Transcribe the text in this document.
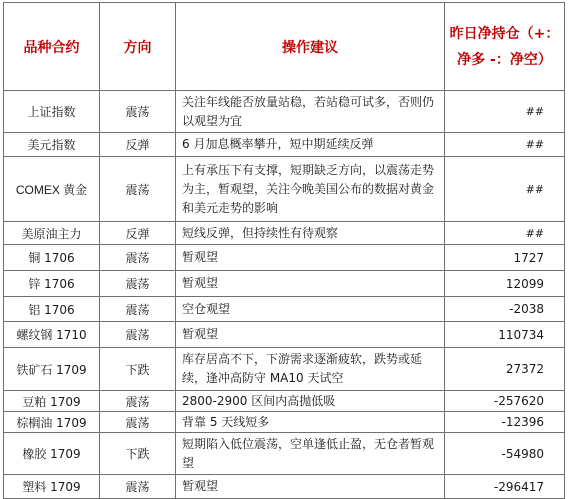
品种合约	方向	操作建议	昨日净持仓（+：
净多 -：净空）

上证指数	震荡	关注年线能否放量站稳，若站稳可试多，否则仍以观望为宜	##
美元指数	反弹	6 月加息概率攀升，短中期延续反弹	##
COMEX 黄金	震荡	上有承压下有支撑，短期缺乏方向，以震荡走势为主，暂观望，关注今晚美国公布的数据对黄金和美元走势的影响	##
美原油主力	反弹	短线反弹，但持续性有待观察	##
铜 1706	震荡	暂观望	1727
锌 1706	震荡	暂观望	12099
铝 1706	震荡	空仓观望	-2038
螺纹钢 1710	震荡	暂观望	110734
铁矿石 1709	下跌	库存居高不下，下游需求逐渐疲软，跌势或延续，逢冲高防守 MA10 天试空	27372
豆粕 1709	震荡	2800-2900 区间内高抛低吸	-257620
棕榈油 1709	震荡	背靠 5 天线短多	-12396
橡胶 1709	下跌	短期陷入低位震荡，空单逢低止盈，无仓者暂观望	-54980
塑料 1709	震荡	暂观望	-296417
